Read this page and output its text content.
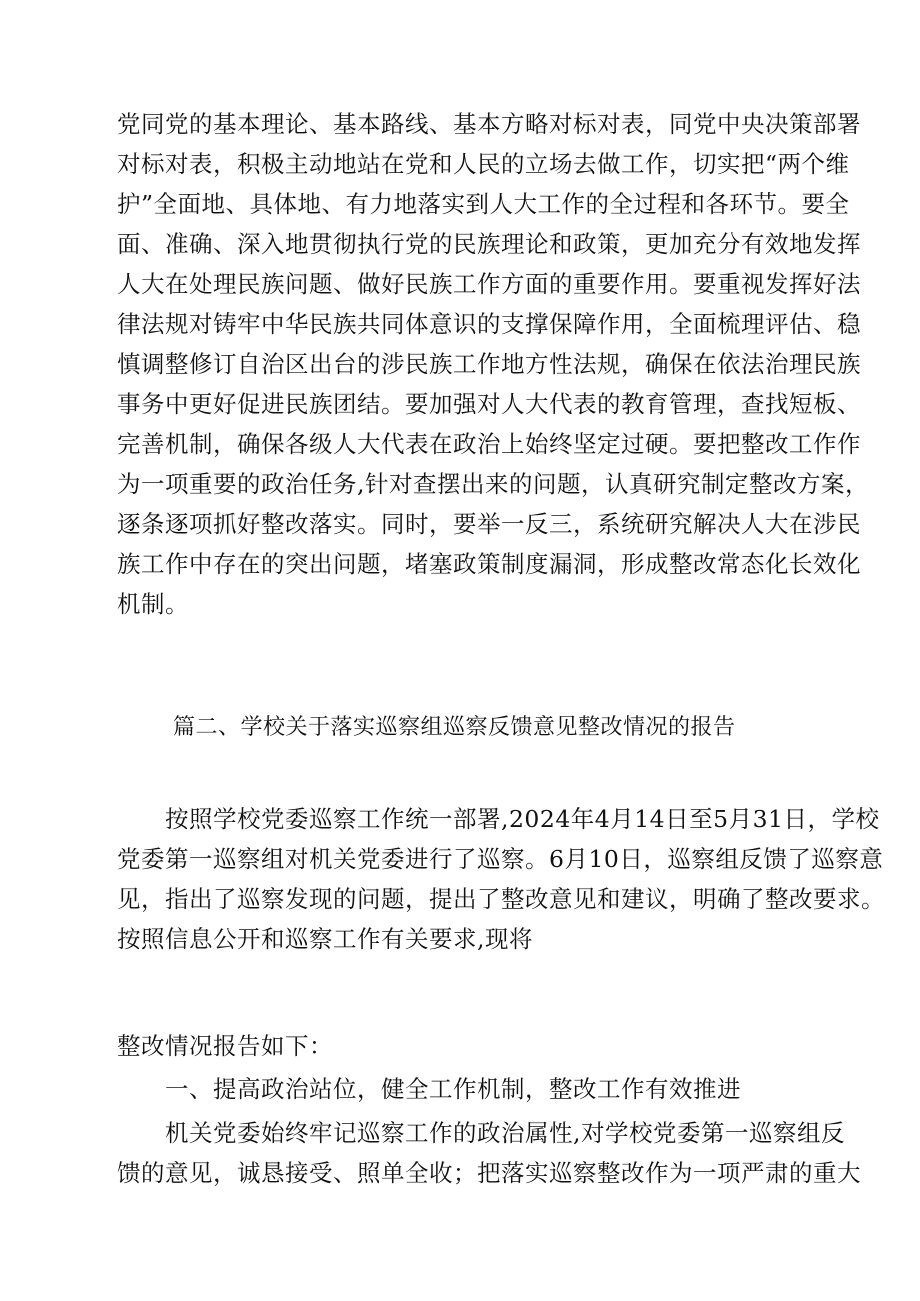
党同党的基本理论、基本路线、基本方略对标对表，同党中央决策部署
对标对表，积极主动地站在党和人民的立场去做工作，切实把“两个维
护”全面地、具体地、有力地落实到人大工作的全过程和各环节。要全
面、准确、深入地贯彻执行党的民族理论和政策，更加充分有效地发挥
人大在处理民族问题、做好民族工作方面的重要作用。要重视发挥好法
律法规对铸牢中华民族共同体意识的支撑保障作用，全面梳理评估、稳
慎调整修订自治区出台的涉民族工作地方性法规，确保在依法治理民族
事务中更好促进民族团结。要加强对人大代表的教育管理，查找短板、
完善机制，确保各级人大代表在政治上始终坚定过硬。要把整改工作作
为一项重要的政治任务,针对查摆出来的问题，认真研究制定整改方案，
逐条逐项抓好整改落实。同时，要举一反三，系统研究解决人大在涉民
族工作中存在的突出问题，堵塞政策制度漏洞，形成整改常态化长效化
机制。
篇二、学校关于落实巡察组巡察反馈意见整改情况的报告
按照学校党委巡察工作统一部署,2024年4月14日至5月31日，学校
党委第一巡察组对机关党委进行了巡察。6月10日，巡察组反馈了巡察意
见，指出了巡察发现的问题，提出了整改意见和建议，明确了整改要求。
按照信息公开和巡察工作有关要求,现将
整改情况报告如下：
一、提高政治站位，健全工作机制，整改工作有效推进
机关党委始终牢记巡察工作的政治属性,对学校党委第一巡察组反
馈的意见，诚恳接受、照单全收；把落实巡察整改作为一项严肃的重大
